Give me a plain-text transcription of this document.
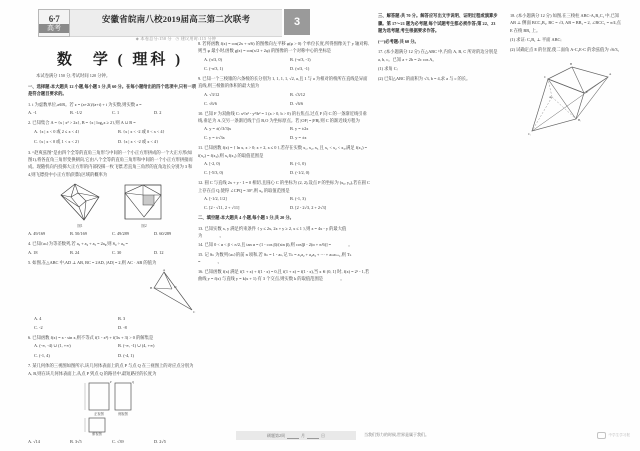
6·7
高考
安徽省皖南八校2019届高三第二次联考	3
◆ 本卷总分:150 分 ◷ 建议用时:115 分钟
数　学 ( 理科 )

本试卷满分 150 分,考试时间 120 分钟。

一、选择题:本大题共 12 小题,每小题 5 分,共 60 分。在每小题给出的四个选项中,只有一项是符合题目要求的。

1. i 为虚数单位,a∈R。若 z = (a+2i)/(a+i) + i 为实数,则实数 a =

A. -1	B. -1/2	C. 1	D. 2

2. 已知集合 A = {x | x² > 2x}, B = {x | log₂x ≥ 2},则 A ∪ B =

A. {x | x < 0 或 2 ≤ x < 4}	B. {x | x < -2 或 0 < x < 4}
C. {x | x < 0 或 1 < x < 2}	D. {x | x < -2 或 x < 4}

3. “赵爽弦图”是由四个全等的直角三角形与中间的一个小正方形拼成的一个大正方形(如图1),将各直角三角形变换朝向,它由八个全等的直角三角形和中间的一个小正方形拼接而成。现随机向内投掷大正方形的内部投掷一枚飞镖,若直角三角形的直角边长分别为 3 和 4,则飞镖投中小正方形(阴影)区域的概率为

图1	图2
A. 49/169	B. 50/169	C. 49/289	D. 60/289

4. 已知{aₙ}为等差数列,若 a₃ + a₄ + a₅ = 2a₆,则 S₉ ÷ a₈ =

A. 18	B. 24	C. 30	D. 12

5. 如图,在△ABC 中,AD ⊥ AB, BC = 2AD, |AD| = 2,则 AC · AB 的值为

A
B	D
C
A. 4	B. 3
C. -2	D. -8

6. 已知函数 f(x) = x - sin x,则不等式 f(1 - x²) + f(3x + 3) > 0 的解集是

A. (-∞, -4) ∪ (1, +∞)	B. (-∞, -1) ∪ (4, +∞)
C. (-1, 4)	D. (-4, 1)

7. 某几何体的三视图如图所示,该几何体表面上的点 P 与点 Q 在三视图上的对应点分别为 A, B,则在该几何体表面上,从点 P 到点 Q 的路径中,最短路径的长度为

正视图	侧视图
俯视图
P	Q
A. √14	B. 3√5	C. √39	D. 2√5

8. 若将函数 f(x) = cos(2x + π/6) 的图像向左平移 φ(φ > 0) 个单位长度,所得图像关于 y 轴对称,则当 φ 最小时,函数 g(x) = cos(x/2 + 2φ) 的图像的一个对称中心的坐标是

A. (π/3, 0)	B. (-π/3, -1)
C. (-π/3, 1)	D. (π/3, -1)

9. 已知一个三棱锥的六条棱的长分别为 1, 1, 1, 1, √2, a,且 1 与 a 为相对的棱所在直线是异面直线,则三棱锥的体积的最大值为

A. √3/12	B. √3/12
C. √6/6	D. √6/6

10. 已知 F 为双曲线 C: x²/a² - y²/b² = 1 (a > 0, b > 0) 的右焦点,过点 F 向 C 的一条渐近线引垂线,垂足为 A,交另一条渐近线于点 B,O 为坐标原点。若 |OF| = |FB|,则 C 的渐近线方程为

A. y = ±(√3/3)x	B. y = ±2x
C. y = ±√3x	D. y = ±x

11. 已知函数 f(x) = { ln x, x > 0; x + 2, x ≤ 0 },若存在实数 x₁, x₂, x₃ 且 x₁ < x₂ < x₃,满足 f(x₁) = f(x₂) = f(x₃),则 x₁f(x₁) 的取值范围是

A. [-2, 0)	B. (-1, 0)
C. [-5/3, 0)	D. (-1/2, 0)

12. 圆 C 与直线 2x + y - 1 = 0 相切,且圆心 C 的坐标为 (2, 2),设点 P 的坐标为 (x₀, y₀),若在圆 C 上存在点 Q,使得 ∠CPQ = 30°,则 x₀ 的取值范围是

A. [-1/2, 1/2]	B. (-1, 3)
C. [2 - √11, 2 + √11]	D. [2 - 2√3, 2 + 2√3]

二、填空题:本大题共 4 小题,每小题 5 分,共 20 分。

13. 已知实数 x, y 满足约束条件 { y ≤ 2x, 2x + y ≥ 2, x ≤ 1 },则 z = 4x - y 的最大值为　　　　。

14. 已知 0 < α < β < π/2,且 tan α = (1 - cos β)/(sin β),则 cos[β - 2(α + π/6)] =　　　　。

15. 记 Sₙ 为数列{aₙ}的前 n 项和,若 Sₙ = 1 - aₙ,记 Tₙ = a₁a₂ + a₂a₃ + ⋯ + aₙaₙ₊₁,则 Tₙ =　　　　。

16. 已知函数 f(x) 满足 f(1 + x) + f(1 - x) = 0,且 f(1 + x) = f(1 - x),当 x ∈ (0, 1] 时, f(x) = 2ˣ - 1,若曲线 y = f(x) 与直线 y = k(x + 1) 有 3 个交点,则实数 k 的取值范围是　　　　。

三、解答题:共 70 分。解答应写出文字说明、证明过程或演算步骤。第 17～21 题为必考题,每个试题考生都必须作答;第 22、23 题为选考题,考生根据要求作答。

(一)必考题:共 60 分。

17. (本小题满分 12 分) 在△ABC 中,内角 A, B, C 所对的边分别是 a, b, c。已知 a + 2b = 2c cos A。

(1) 求角 C;

(2) 已知△ABC 的面积为 √3, b = 4,求 a 与 c 的长。

18. (本小题满分 12 分) 如图,在三棱柱 ABC-A₁B₁C₁ 中,已知 AB ⊥ 侧面 BCC₁B₁, BC = √3, AB = BB₁ = 2, ∠BCC₁ = π/4,点 E 在棱 BB₁ 上。

(1) 求证: C₁B₁ ⊥ 平面 ABC;

(2) 试确定点 E 的位置,使二面角 A-C₁E-C 的余弦值为 √6/3。

B
A
C
E
B₁
C₁
A₁
刷题第2周	月	日	当我们努力的时候,世界是属于我们。	中学生学习报
